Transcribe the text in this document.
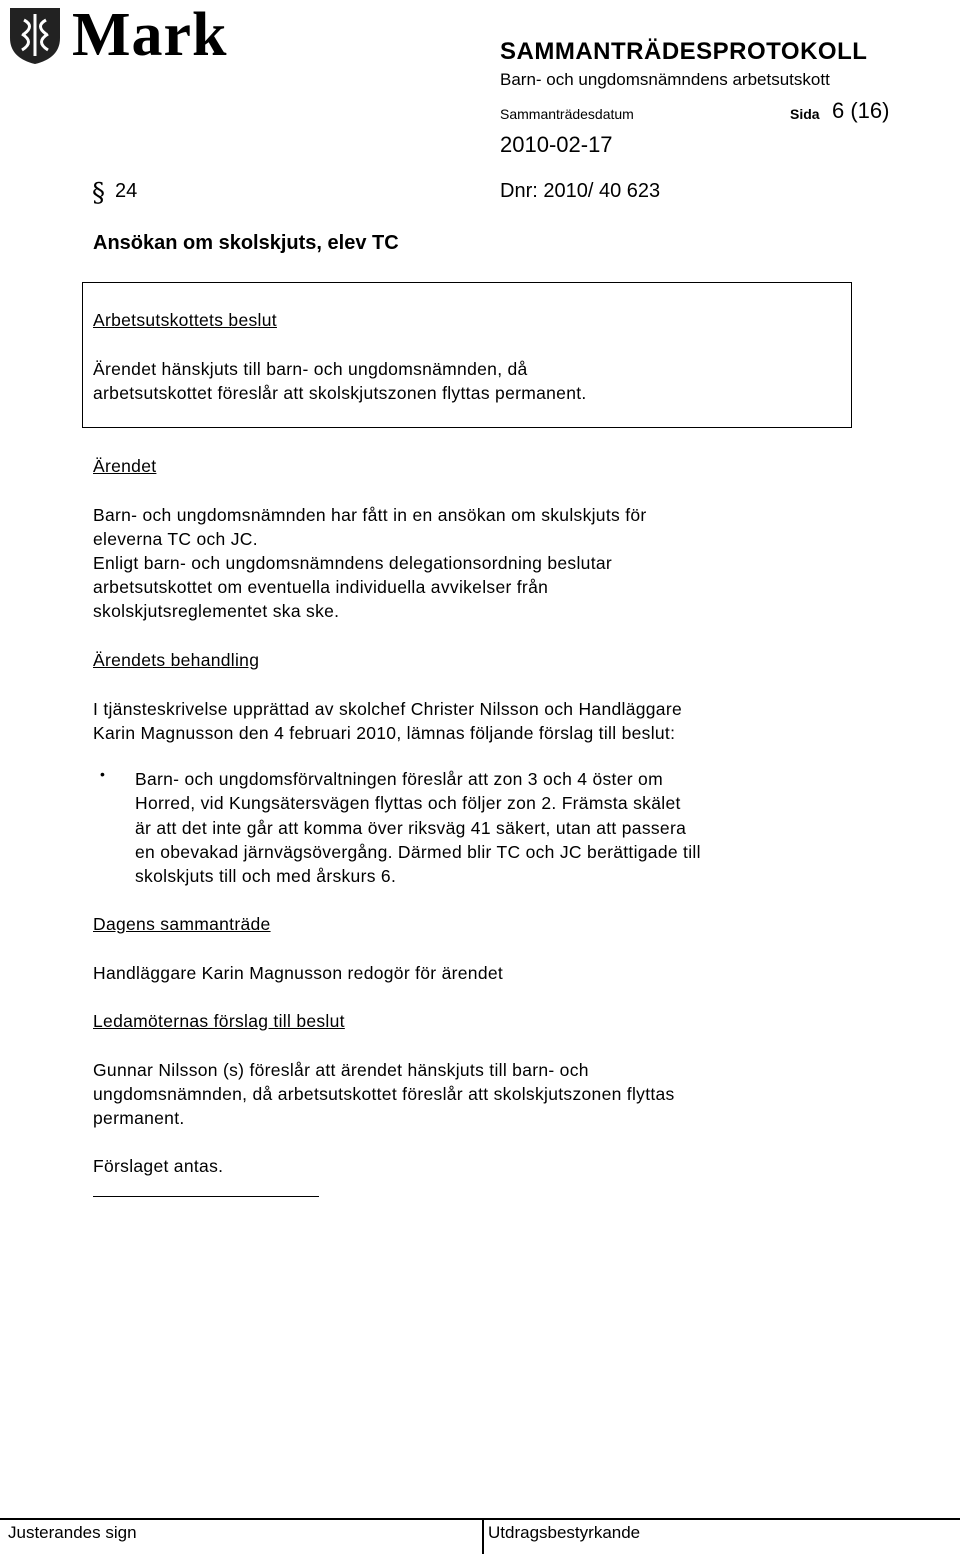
Mark	SAMMANTRÄDESPROTOKOLL
Barn- och ungdomsnämndens arbetsutskott
Sammanträdesdatum	Sida 6 (16)
2010-02-17
§ 24	Dnr: 2010/ 40 623
Ansökan om skolskjuts, elev TC
Arbetsutskottets beslut
Ärendet hänskjuts till barn- och ungdomsnämnden, då
arbetsutskottet föreslår att skolskjutszonen flyttas permanent.
Ärendet
Barn- och ungdomsnämnden har fått in en ansökan om skulskjuts för
eleverna TC och JC.
Enligt barn- och ungdomsnämndens delegationsordning beslutar
arbetsutskottet om eventuella individuella avvikelser från
skolskjutsreglementet ska ske.
Ärendets behandling
I tjänsteskrivelse upprättad av skolchef Christer Nilsson och Handläggare
Karin Magnusson den 4 februari 2010, lämnas följande förslag till beslut:
• Barn- och ungdomsförvaltningen föreslår att zon 3 och 4 öster om
Horred, vid Kungsätersvägen flyttas och följer zon 2. Främsta skälet
är att det inte går att komma över riksväg 41 säkert, utan att passera
en obevakad järnvägsövergång. Därmed blir TC och JC berättigade till
skolskjuts till och med årskurs 6.
Dagens sammanträde
Handläggare Karin Magnusson redogör för ärendet
Ledamöternas förslag till beslut
Gunnar Nilsson (s) föreslår att ärendet hänskjuts till barn- och
ungdomsnämnden, då arbetsutskottet föreslår att skolskjutszonen flyttas
permanent.
Förslaget antas.
Justerandes sign	Utdragsbestyrkande
